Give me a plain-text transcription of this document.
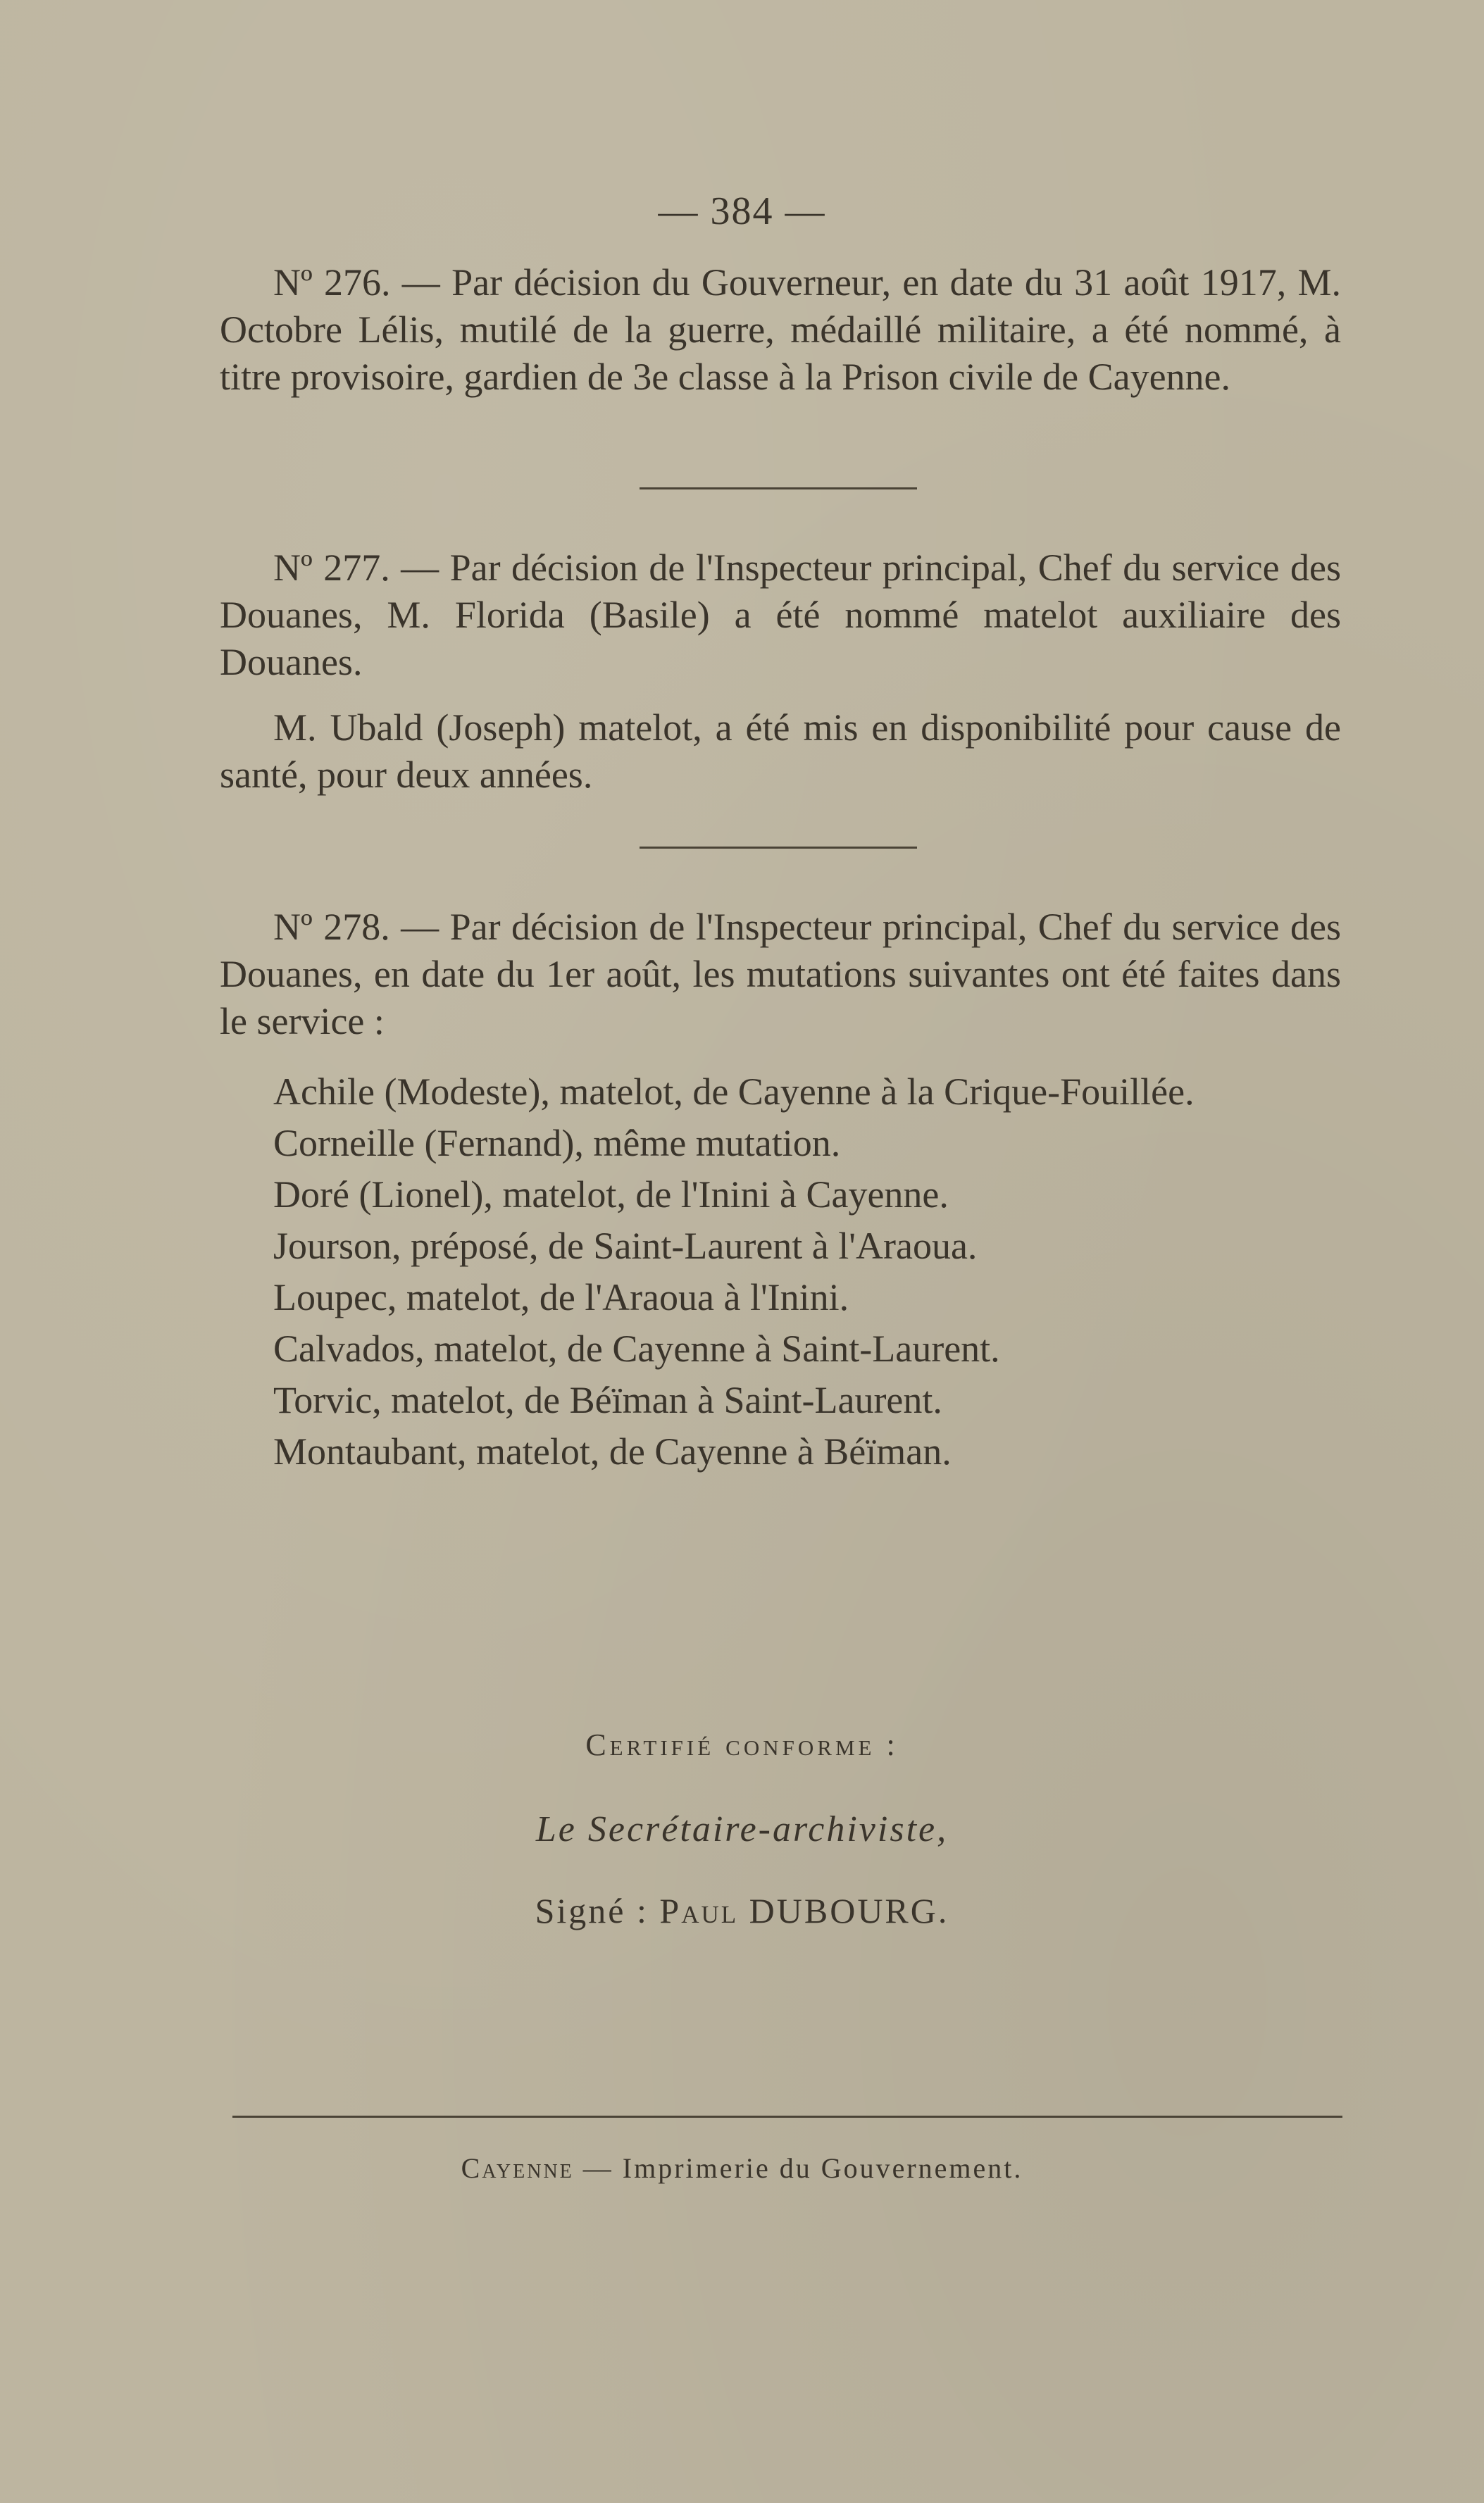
— 384 —

Nº 276. — Par décision du Gouverneur, en date du 31 août 1917, M. Octobre Lélis, mutilé de la guerre, médaillé militaire, a été nommé, à titre provisoire, gardien de 3e classe à la Prison civile de Cayenne.

Nº 277. — Par décision de l'Inspecteur principal, Chef du service des Douanes, M. Florida (Basile) a été nommé matelot auxiliaire des Douanes.

M. Ubald (Joseph) matelot, a été mis en disponibilité pour cause de santé, pour deux années.

Nº 278. — Par décision de l'Inspecteur principal, Chef du service des Douanes, en date du 1er août, les mutations suivantes ont été faites dans le service :

Achile (Modeste), matelot, de Cayenne à la Crique-Fouillée.
Corneille (Fernand), même mutation.
Doré (Lionel), matelot, de l'Inini à Cayenne.
Jourson, préposé, de Saint-Laurent à l'Araoua.
Loupec, matelot, de l'Araoua à l'Inini.
Calvados, matelot, de Cayenne à Saint-Laurent.
Torvic, matelot, de Béïman à Saint-Laurent.
Montaubant, matelot, de Cayenne à Béïman.
Certifié conforme :
Le Secrétaire-archiviste,
Signé : Paul DUBOURG.
Cayenne — Imprimerie du Gouvernement.
